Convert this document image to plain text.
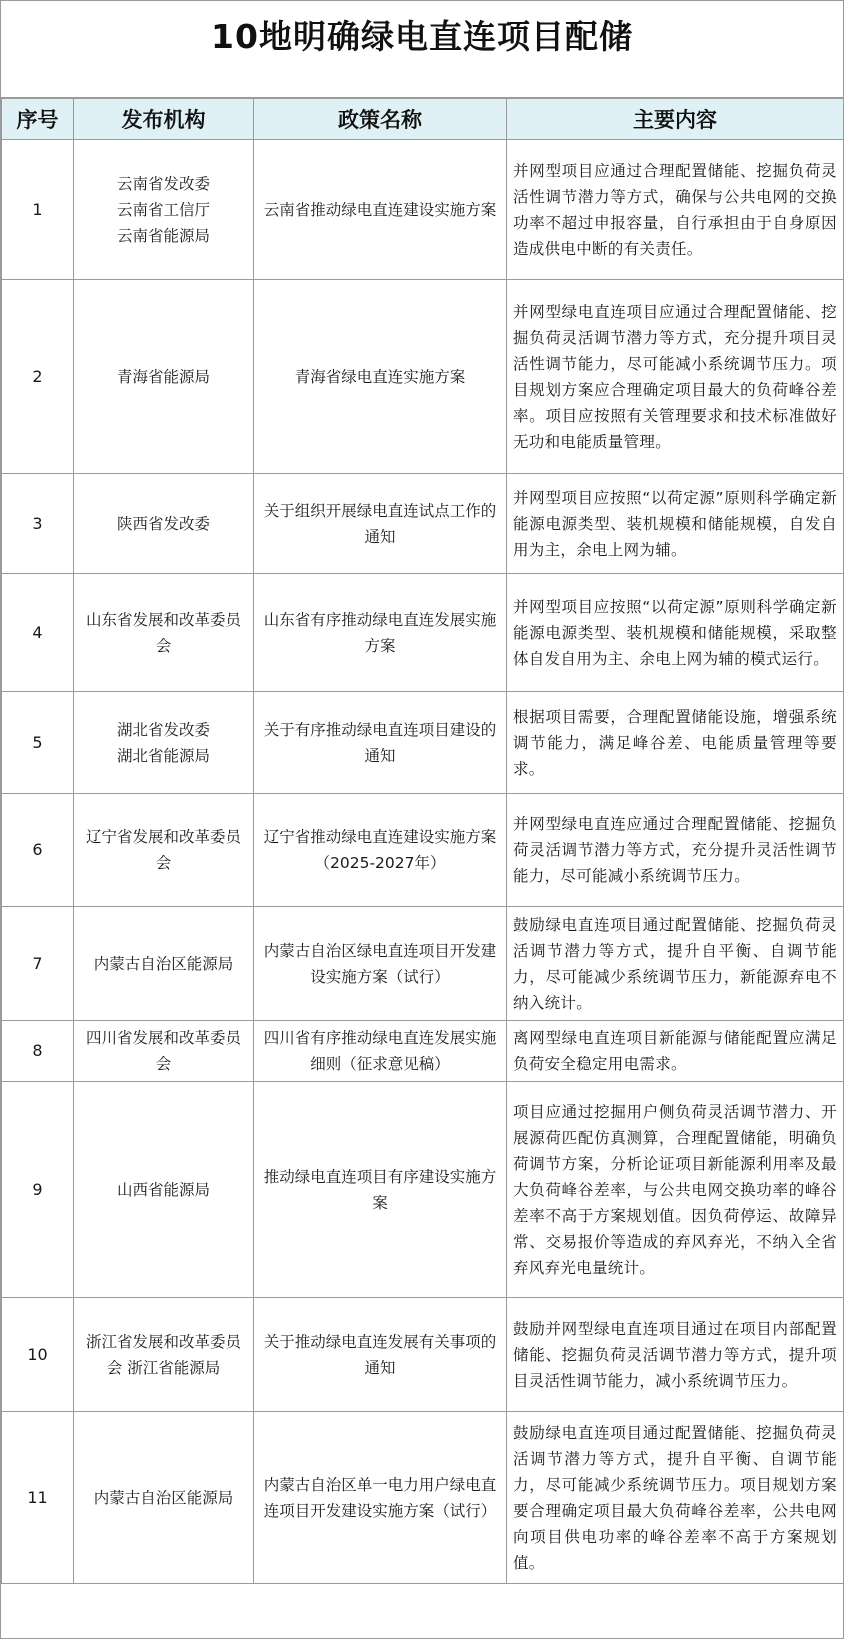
10地明确绿电直连项目配储
序号	发布机构	政策名称	主要内容
1	云南省发改委
云南省工信厅
云南省能源局	云南省推动绿电直连建设实施方案	并网型项目应通过合理配置储能、挖掘负荷灵活性调节潜力等方式，确保与公共电网的交换功率不超过申报容量，自行承担由于自身原因造成供电中断的有关责任。
2	青海省能源局	青海省绿电直连实施方案	并网型绿电直连项目应通过合理配置储能、挖掘负荷灵活调节潜力等方式，充分提升项目灵活性调节能力，尽可能减小系统调节压力。项目规划方案应合理确定项目最大的负荷峰谷差率。项目应按照有关管理要求和技术标准做好无功和电能质量管理。
3	陕西省发改委	关于组织开展绿电直连试点工作的通知	并网型项目应按照“以荷定源”原则科学确定新能源电源类型、装机规模和储能规模，自发自用为主，余电上网为辅。
4	山东省发展和改革委员会	山东省有序推动绿电直连发展实施方案	并网型项目应按照“以荷定源”原则科学确定新能源电源类型、装机规模和储能规模，采取整体自发自用为主、余电上网为辅的模式运行。
5	湖北省发改委
湖北省能源局	关于有序推动绿电直连项目建设的通知	根据项目需要，合理配置储能设施，增强系统调节能力，满足峰谷差、电能质量管理等要求。
6	辽宁省发展和改革委员会	辽宁省推动绿电直连建设实施方案（2025-2027年）	并网型绿电直连应通过合理配置储能、挖掘负荷灵活调节潜力等方式，充分提升灵活性调节能力，尽可能减小系统调节压力。
7	内蒙古自治区能源局	内蒙古自治区绿电直连项目开发建设实施方案（试行）	鼓励绿电直连项目通过配置储能、挖掘负荷灵活调节潜力等方式，提升自平衡、自调节能力，尽可能减少系统调节压力，新能源弃电不纳入统计。
8	四川省发展和改革委员会	四川省有序推动绿电直连发展实施细则（征求意见稿）	离网型绿电直连项目新能源与储能配置应满足负荷安全稳定用电需求。
9	山西省能源局	推动绿电直连项目有序建设实施方案	项目应通过挖掘用户侧负荷灵活调节潜力、开展源荷匹配仿真测算，合理配置储能，明确负荷调节方案，分析论证项目新能源利用率及最大负荷峰谷差率，与公共电网交换功率的峰谷差率不高于方案规划值。因负荷停运、故障异常、交易报价等造成的弃风弃光，不纳入全省弃风弃光电量统计。
10	浙江省发展和改革委员会 浙江省能源局	关于推动绿电直连发展有关事项的通知	鼓励并网型绿电直连项目通过在项目内部配置储能、挖掘负荷灵活调节潜力等方式，提升项目灵活性调节能力，减小系统调节压力。
11	内蒙古自治区能源局	内蒙古自治区单一电力用户绿电直连项目开发建设实施方案（试行）	鼓励绿电直连项目通过配置储能、挖掘负荷灵活调节潜力等方式，提升自平衡、自调节能力，尽可能减少系统调节压力。项目规划方案要合理确定项目最大负荷峰谷差率，公共电网向项目供电功率的峰谷差率不高于方案规划值。
